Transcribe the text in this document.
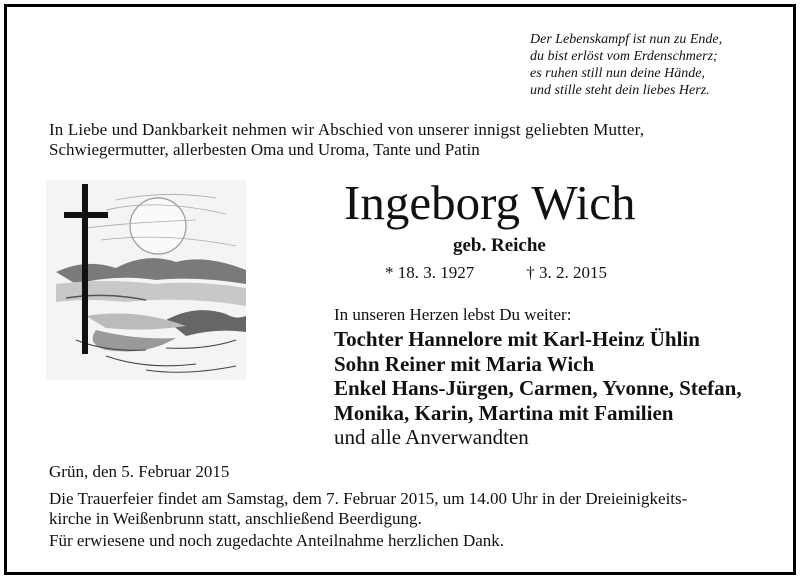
Der Lebenskampf ist nun zu Ende,
du bist erlöst vom Erdenschmerz;
es ruhen still nun deine Hände,
und stille steht dein liebes Herz.
In Liebe und Dankbarkeit nehmen wir Abschied von unserer innigst geliebten Mutter,
Schwiegermutter, allerbesten Oma und Uroma, Tante und Patin
Ingeborg Wich
geb. Reiche
* 18. 3. 1927	† 3. 2. 2015
In unseren Herzen lebst Du weiter:
Tochter Hannelore mit Karl-Heinz Ühlin
Sohn Reiner mit Maria Wich
Enkel Hans-Jürgen, Carmen, Yvonne, Stefan,
Monika, Karin, Martina mit Familien
und alle Anverwandten
Grün, den 5. Februar 2015
Die Trauerfeier findet am Samstag, dem 7. Februar 2015, um 14.00 Uhr in der Dreieinigkeits-
kirche in Weißenbrunn statt, anschließend Beerdigung.
Für erwiesene und noch zugedachte Anteilnahme herzlichen Dank.
